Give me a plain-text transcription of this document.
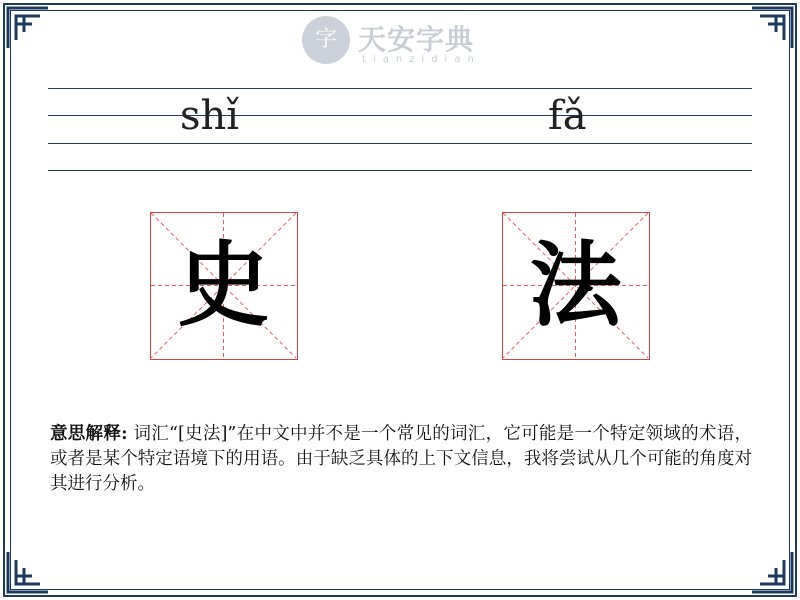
字 天安字典
tianzidian
shǐ	fǎ
史	法
意思解释: 词汇“[史法]”在中文中并不是一个常见的词汇，它可能是一个特定领域的术语，或者是某个特定语境下的用语。由于缺乏具体的上下文信息，我将尝试从几个可能的角度对其进行分析。
